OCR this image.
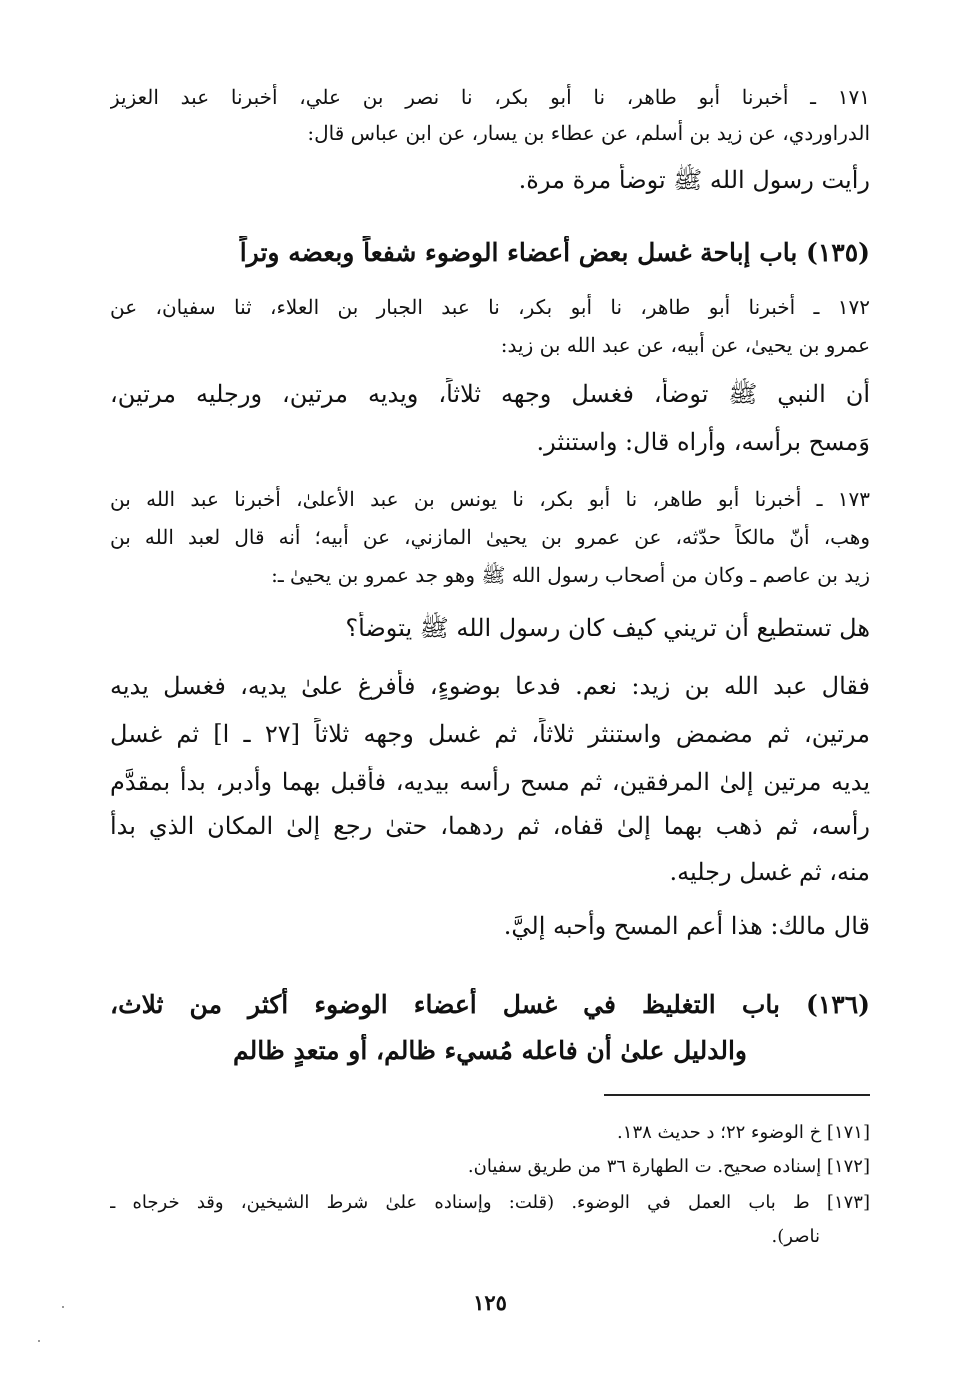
١٧١ ـ أخبرنا أبو طاهر، نا أبو بكر، نا نصر بن علي، أخبرنا عبد العزيز
الدراوردي، عن زيد بن أسلم، عن عطاء بن يسار، عن ابن عباس قال:
رأيت رسول الله ﷺ توضأ مرة مرة.
(١٣٥) باب إباحة غسل بعض أعضاء الوضوء شفعاً وبعضه وتراً
١٧٢ ـ أخبرنا أبو طاهر، نا أبو بكر، نا عبد الجبار بن العلاء، ثنا سفيان، عن
عمرو بن يحيىٰ، عن أبيه، عن عبد الله بن زيد:
أن النبي ﷺ توضأ، فغسل وجهه ثلاثاً، ويديه مرتين، ورجليه مرتين،
وَمسح برأسه، وأراه قال: واستنثر.
١٧٣ ـ أخبرنا أبو طاهر، نا أبو بكر، نا يونس بن عبد الأعلىٰ، أخبرنا عبد الله بن
وهب، أنّ مالكاً حدّثه، عن عمرو بن يحيىٰ المازني، عن أبيه؛ أنه قال لعبد الله بن
زيد بن عاصم ـ وكان من أصحاب رسول الله ﷺ وهو جد عمرو بن يحيىٰ ـ:
هل تستطيع أن تريني كيف كان رسول الله ﷺ يتوضأ؟
فقال عبد الله بن زيد: نعم. فدعا بوضوءٍ، فأفرغ علىٰ يديه، فغسل يديه
مرتين، ثم مضمض واستنثر ثلاثاً، ثم غسل وجهه ثلاثاً [٢٧ ـ ا] ثم غسل
يديه مرتين إلىٰ المرفقين، ثم مسح رأسه بيديه، فأقبل بهما وأدبر، بدأ بمقدَّم
رأسه، ثم ذهب بهما إلىٰ قفاه، ثم ردهما، حتىٰ رجع إلىٰ المكان الذي بدأ
منه، ثم غسل رجليه.
قال مالك: هذا أعم المسح وأحبه إليَّ.
(١٣٦) باب التغليظ في غسل أعضاء الوضوء أكثر من ثلاث،
والدليل علىٰ أن فاعله مُسيء ظالم، أو متعدٍ ظالم
[١٧١] خ الوضوء ٢٢؛ د حديث ١٣٨.
[١٧٢] إسناده صحيح. ت الطهارة ٣٦ من طريق سفيان.
[١٧٣] ط باب العمل في الوضوء. (قلت: وإسناده علىٰ شرط الشيخين، وقد خرجاه ـ
ناصر).
١٢٥
